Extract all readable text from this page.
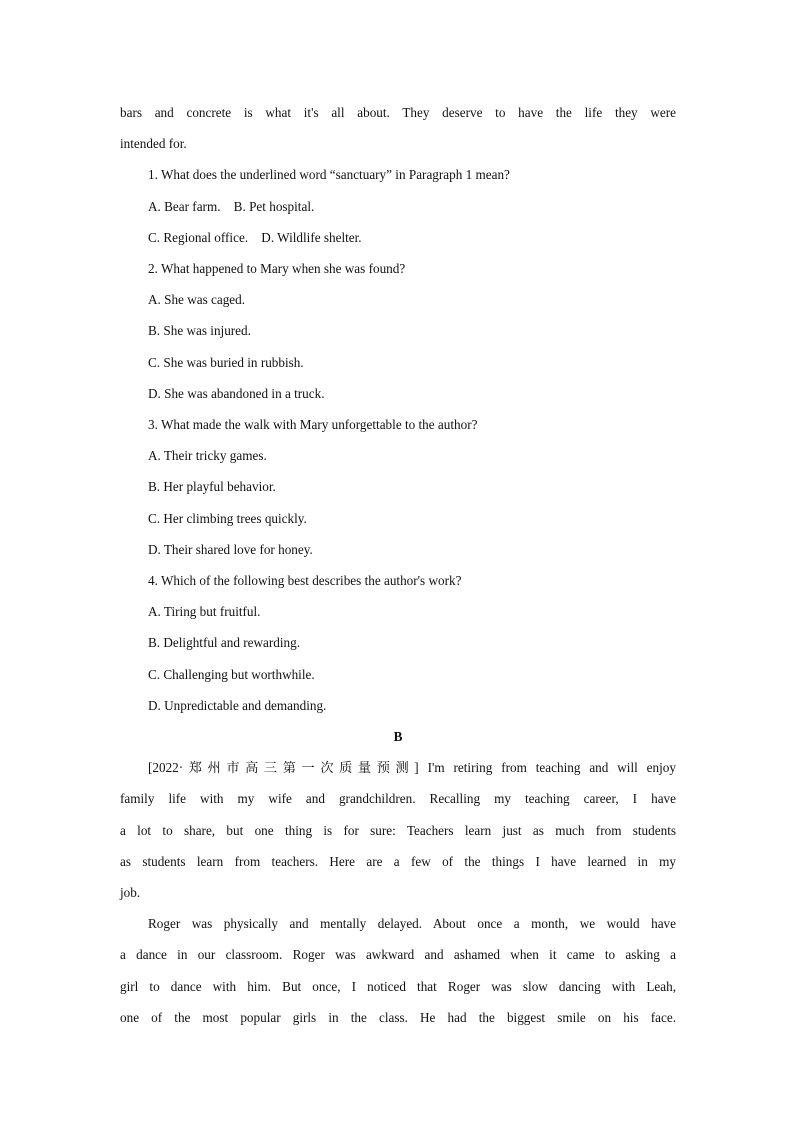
bars and concrete is what it's all about. They deserve to have the life they were
intended for.
1. What does the underlined word “sanctuary” in Paragraph 1 mean?
A. Bear farm.    B. Pet hospital.
C. Regional office.    D. Wildlife shelter.
2. What happened to Mary when she was found?
A. She was caged.
B. She was injured.
C. She was buried in rubbish.
D. She was abandoned in a truck.
3. What made the walk with Mary unforgettable to the author?
A. Their tricky games.
B. Her playful behavior.
C. Her climbing trees quickly.
D. Their shared love for honey.
4. Which of the following best describes the author's work?
A. Tiring but fruitful.
B. Delightful and rewarding.
C. Challenging but worthwhile.
D. Unpredictable and demanding.
B
[2022·郑州市高三第一次质量预测] I'm retiring from teaching and will enjoy
family life with my wife and grandchildren. Recalling my teaching career, I have
a lot to share, but one thing is for sure: Teachers learn just as much from students
as students learn from teachers. Here are a few of the things I have learned in my
job.
Roger was physically and mentally delayed. About once a month, we would have
a dance in our classroom. Roger was awkward and ashamed when it came to asking a
girl to dance with him. But once, I noticed that Roger was slow dancing with Leah,
one of the most popular girls in the class. He had the biggest smile on his face.
